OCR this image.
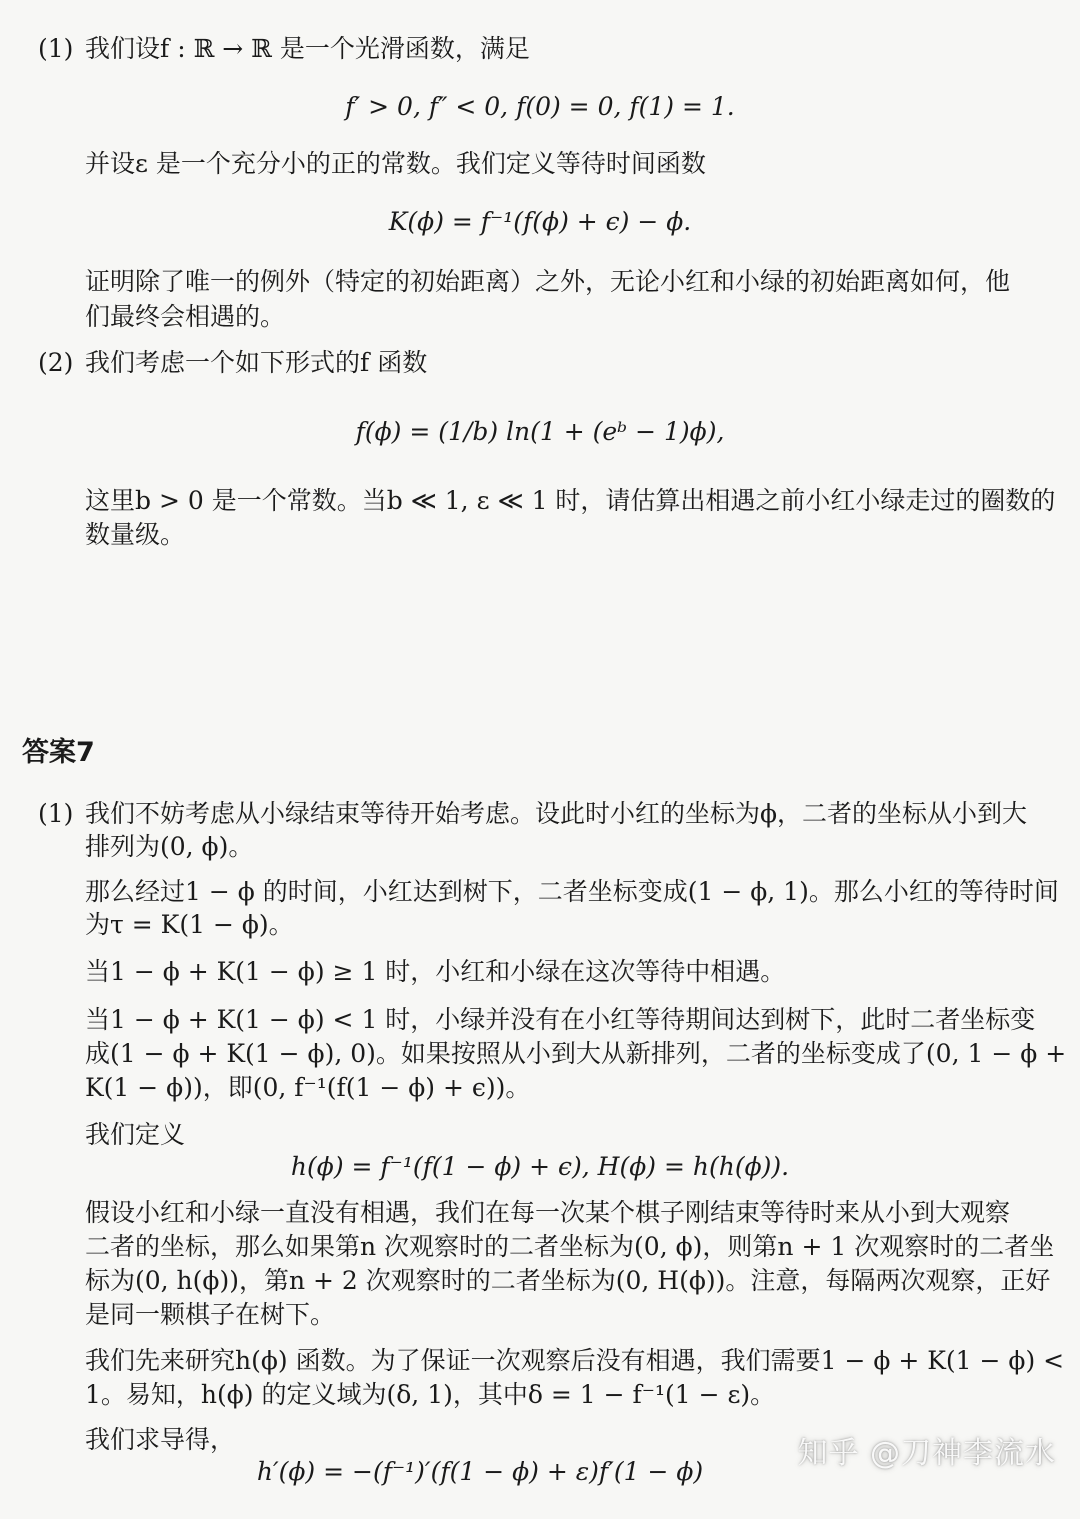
(1) 我们设f : ℝ → ℝ 是一个光滑函数，满足
f′ > 0, f″ < 0, f(0) = 0, f(1) = 1.
并设ε 是一个充分小的正的常数。我们定义等待时间函数
K(ϕ) = f⁻¹(f(ϕ) + ϵ) − ϕ.
证明除了唯一的例外（特定的初始距离）之外，无论小红和小绿的初始距离如何，他
们最终会相遇的。
(2) 我们考虑一个如下形式的f 函数
f(ϕ) = (1/b) ln(1 + (eᵇ − 1)ϕ),
这里b > 0 是一个常数。当b ≪ 1, ε ≪ 1 时，请估算出相遇之前小红小绿走过的圈数的
数量级。
答案7
(1) 我们不妨考虑从小绿结束等待开始考虑。设此时小红的坐标为ϕ，二者的坐标从小到大
排列为(0, ϕ)。
那么经过1 − ϕ 的时间，小红达到树下，二者坐标变成(1 − ϕ, 1)。那么小红的等待时间
为τ = K(1 − ϕ)。
当1 − ϕ + K(1 − ϕ) ≥ 1 时，小红和小绿在这次等待中相遇。
当1 − ϕ + K(1 − ϕ) < 1 时，小绿并没有在小红等待期间达到树下，此时二者坐标变
成(1 − ϕ + K(1 − ϕ), 0)。如果按照从小到大从新排列，二者的坐标变成了(0, 1 − ϕ +
K(1 − ϕ))，即(0, f⁻¹(f(1 − ϕ) + ϵ))。
我们定义
h(ϕ) = f⁻¹(f(1 − ϕ) + ϵ), H(ϕ) = h(h(ϕ)).
假设小红和小绿一直没有相遇，我们在每一次某个棋子刚结束等待时来从小到大观察
二者的坐标，那么如果第n 次观察时的二者坐标为(0, ϕ)，则第n + 1 次观察时的二者坐
标为(0, h(ϕ))，第n + 2 次观察时的二者坐标为(0, H(ϕ))。注意，每隔两次观察，正好
是同一颗棋子在树下。
我们先来研究h(ϕ) 函数。为了保证一次观察后没有相遇，我们需要1 − ϕ + K(1 − ϕ) <
1。易知，h(ϕ) 的定义域为(δ, 1)，其中δ = 1 − f⁻¹(1 − ε)。
我们求导得，
h′(ϕ) = −(f⁻¹)′(f(1 − ϕ) + ε)f′(1 − ϕ)
知乎 @刀神李流水
